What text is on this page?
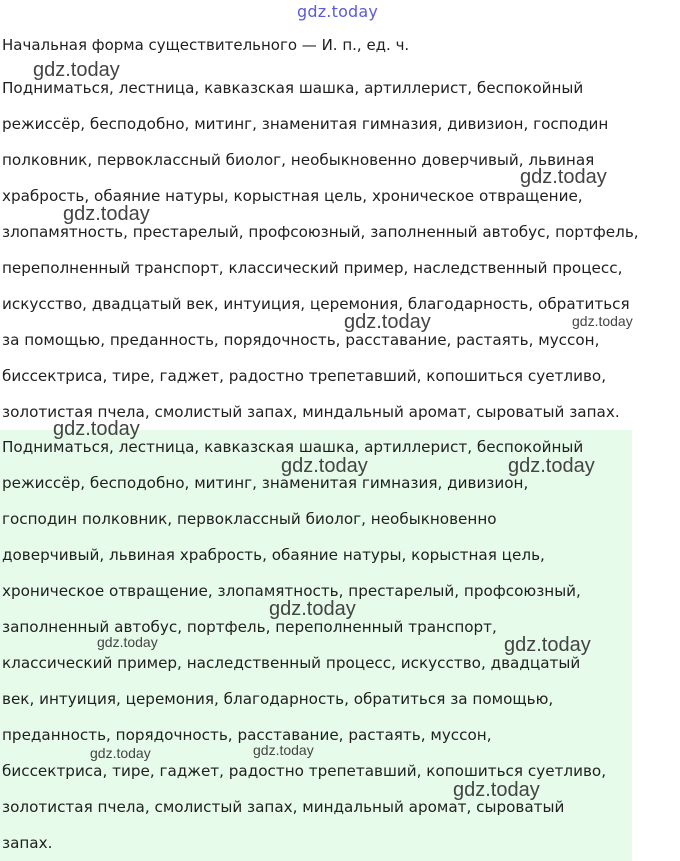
gdz.today
Начальная форма существительного — И. п., ед. ч.
Подниматься, лестница, кавказская шашка, артиллерист, беспокойный
режиссёр, бесподобно, митинг, знаменитая гимназия, дивизион, господин
полковник, первоклассный биолог, необыкновенно доверчивый, львиная
храбрость, обаяние натуры, корыстная цель, хроническое отвращение,
злопамятность, престарелый, профсоюзный, заполненный автобус, портфель,
переполненный транспорт, классический пример, наследственный процесс,
искусство, двадцатый век, интуиция, церемония, благодарность, обратиться
за помощью, преданность, порядочность, расставание, растаять, муссон,
биссектриса, тире, гаджет, радостно трепетавший, копошиться суетливо,
золотистая пчела, смолистый запах, миндальный аромат, сыроватый запах.
Подниматься, лестница, кавказская шашка, артиллерист, беспокойный
режиссёр, бесподобно, митинг, знаменитая гимназия, дивизион,
господин полковник, первоклассный биолог, необыкновенно
доверчивый, львиная храбрость, обаяние натуры, корыстная цель,
хроническое отвращение, злопамятность, престарелый, профсоюзный,
заполненный автобус, портфель, переполненный транспорт,
классический пример, наследственный процесс, искусство, двадцатый
век, интуиция, церемония, благодарность, обратиться за помощью,
преданность, порядочность, расставание, растаять, муссон,
биссектриса, тире, гаджет, радостно трепетавший, копошиться суетливо,
золотистая пчела, смолистый запах, миндальный аромат, сыроватый
запах.
gdz.today
gdz.today
gdz.today
gdz.today	gdz.today
gdz.today
gdz.today	gdz.today
gdz.today
gdz.today	gdz.today
gdz.today
gdz.today
gdz.today
